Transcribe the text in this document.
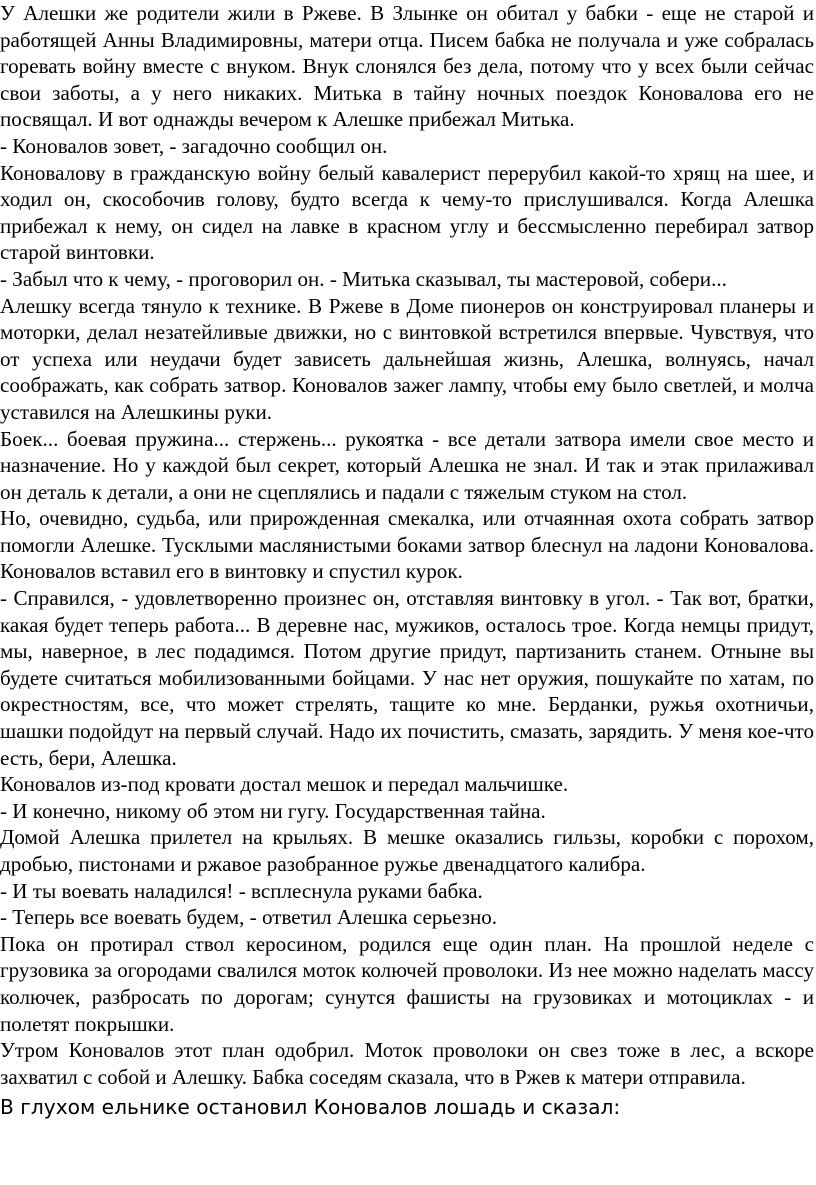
У Алешки же родители жили в Ржеве. В Злынке он обитал у бабки - еще не старой и работящей Анны Владимировны, матери отца. Писем бабка не получала и уже собралась горевать войну вместе с внуком. Внук слонялся без дела, потому что у всех были сейчас свои заботы, а у него никаких. Митька в тайну ночных поездок Коновалова его не посвящал. И вот однажды вечером к Алешке прибежал Митька.

- Коновалов зовет, - загадочно сообщил он.

Коновалову в гражданскую войну белый кавалерист перерубил какой-то хрящ на шее, и ходил он, скособочив голову, будто всегда к чему-то прислушивался. Когда Алешка прибежал к нему, он сидел на лавке в красном углу и бессмысленно перебирал затвор старой винтовки.

- Забыл что к чему, - проговорил он. - Митька сказывал, ты мастеровой, собери...

Алешку всегда тянуло к технике. В Ржеве в Доме пионеров он конструировал планеры и моторки, делал незатейливые движки, но с винтовкой встретился впервые. Чувствуя, что от успеха или неудачи будет зависеть дальнейшая жизнь, Алешка, волнуясь, начал соображать, как собрать затвор. Коновалов зажег лампу, чтобы ему было светлей, и молча уставился на Алешкины руки.

Боек... боевая пружина... стержень... рукоятка - все детали затвора имели свое место и назначение. Но у каждой был секрет, который Алешка не знал. И так и этак прилаживал он деталь к детали, а они не сцеплялись и падали с тяжелым стуком на стол.

Но, очевидно, судьба, или прирожденная смекалка, или отчаянная охота собрать затвор помогли Алешке. Тусклыми маслянистыми боками затвор блеснул на ладони Коновалова. Коновалов вставил его в винтовку и спустил курок.

- Справился, - удовлетворенно произнес он, отставляя винтовку в угол. - Так вот, братки, какая будет теперь работа... В деревне нас, мужиков, осталось трое. Когда немцы придут, мы, наверное, в лес подадимся. Потом другие придут, партизанить станем. Отныне вы будете считаться мобилизованными бойцами. У нас нет оружия, пошукайте по хатам, по окрестностям, все, что может стрелять, тащите ко мне. Берданки, ружья охотничьи, шашки подойдут на первый случай. Надо их почистить, смазать, зарядить. У меня кое-что есть, бери, Алешка.

Коновалов из-под кровати достал мешок и передал мальчишке.

- И конечно, никому об этом ни гугу. Государственная тайна.

Домой Алешка прилетел на крыльях. В мешке оказались гильзы, коробки с порохом, дробью, пистонами и ржавое разобранное ружье двенадцатого калибра.

- И ты воевать наладился! - всплеснула руками бабка.

- Теперь все воевать будем, - ответил Алешка серьезно.

Пока он протирал ствол керосином, родился еще один план. На прошлой неделе с грузовика за огородами свалился моток колючей проволоки. Из нее можно наделать массу колючек, разбросать по дорогам; сунутся фашисты на грузовиках и мотоциклах - и полетят покрышки.

Утром Коновалов этот план одобрил. Моток проволоки он свез тоже в лес, а вскоре захватил с собой и Алешку. Бабка соседям сказала, что в Ржев к матери отправила.

В глухом ельнике остановил Коновалов лошадь и сказал:
